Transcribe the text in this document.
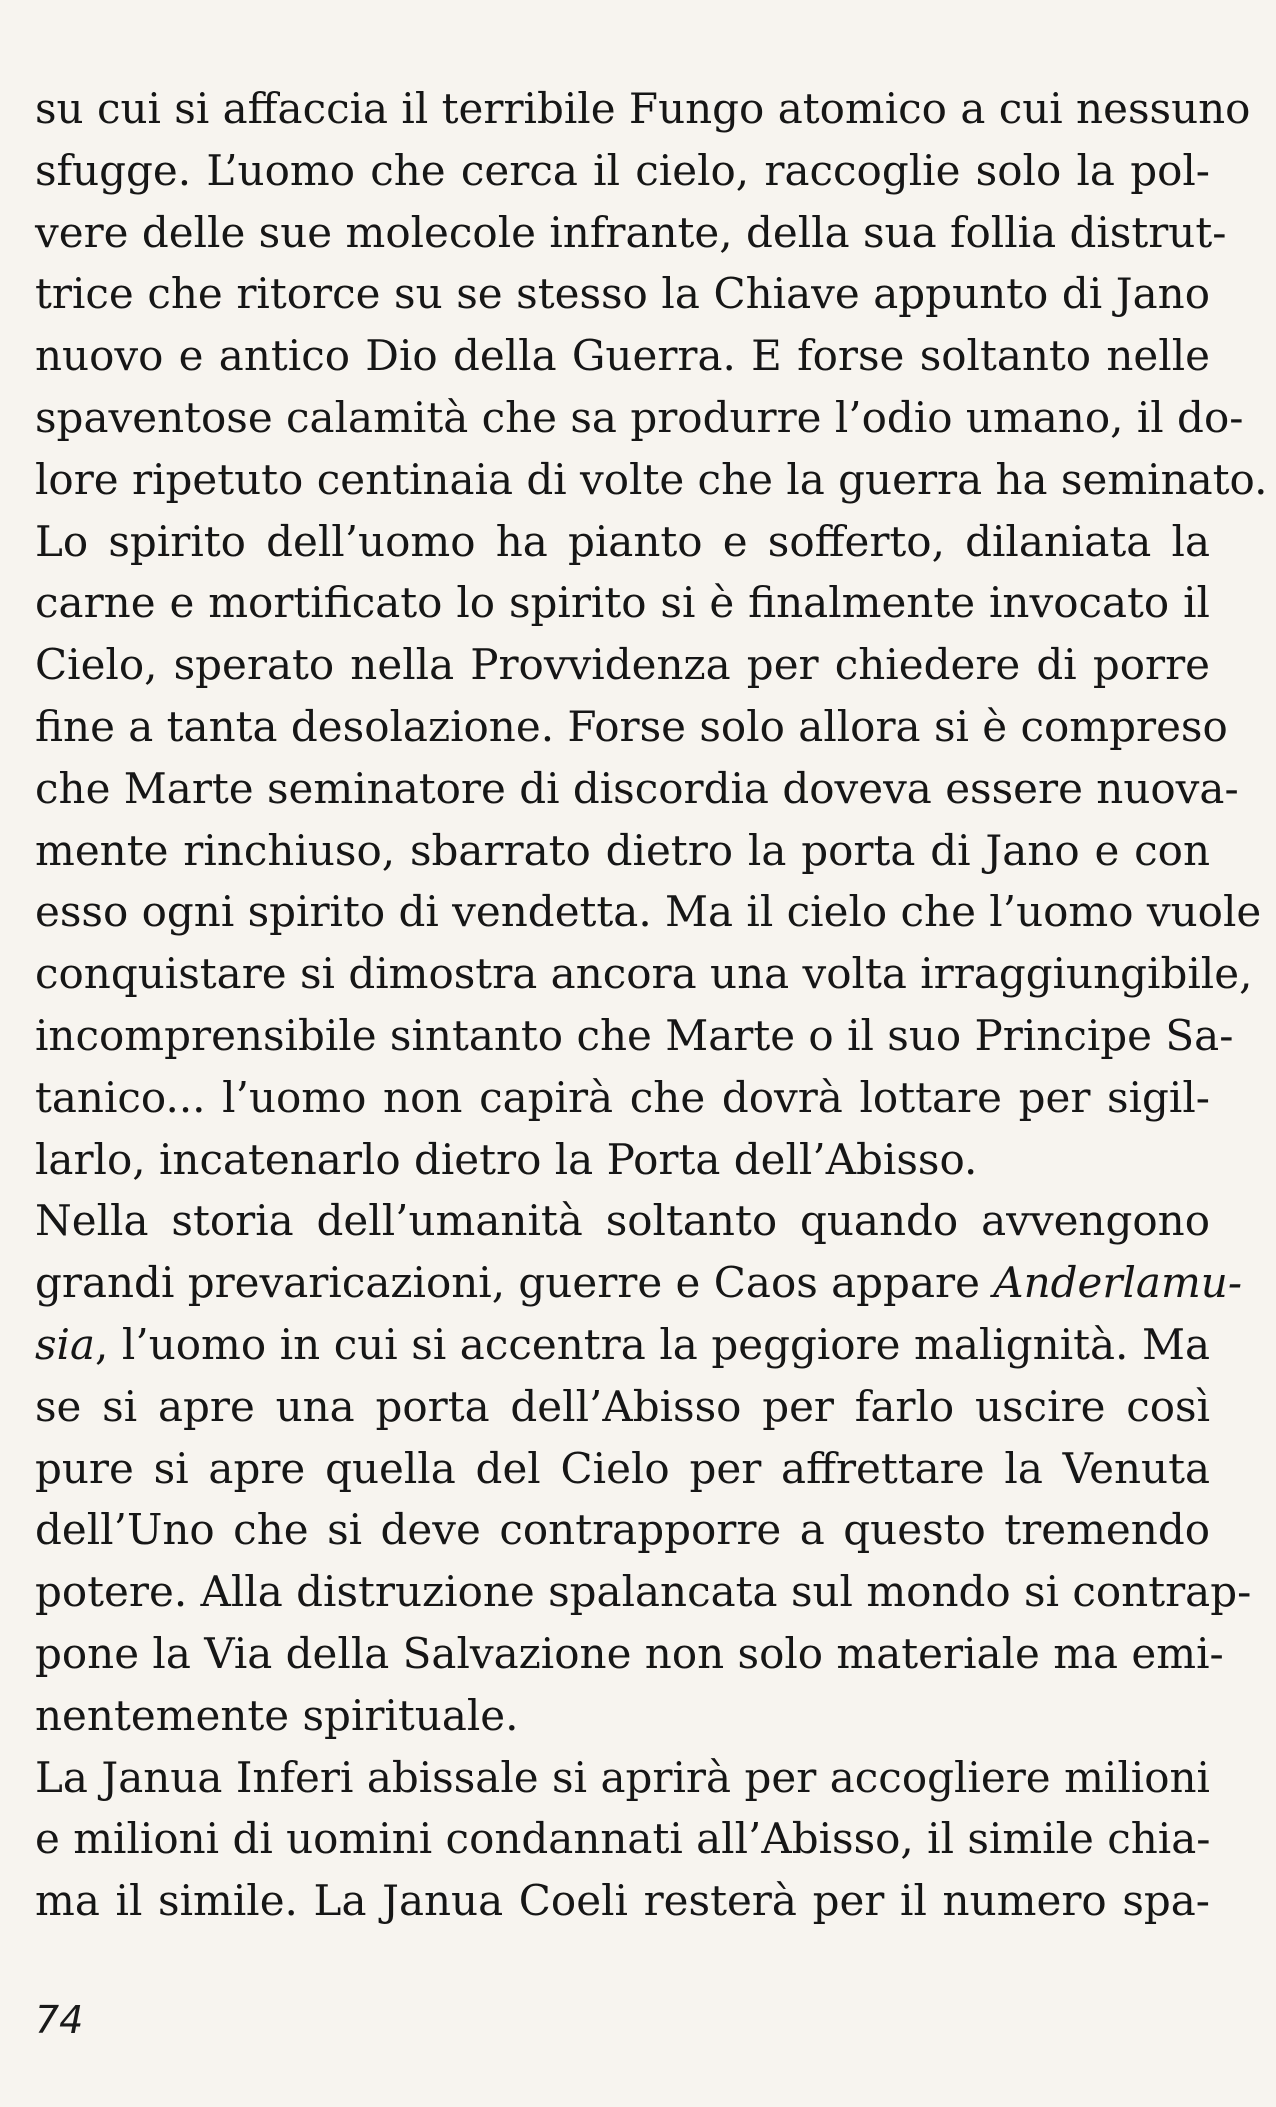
su cui si affaccia il terribile Fungo atomico a cui nessuno
sfugge. L’uomo che cerca il cielo, raccoglie solo la pol-
vere delle sue molecole infrante, della sua follia distrut-
trice che ritorce su se stesso la Chiave appunto di Jano
nuovo e antico Dio della Guerra. E forse soltanto nelle
spaventose calamità che sa produrre l’odio umano, il do-
lore ripetuto centinaia di volte che la guerra ha seminato.
Lo spirito dell’uomo ha pianto e sofferto, dilaniata la
carne e mortificato lo spirito si è finalmente invocato il
Cielo, sperato nella Provvidenza per chiedere di porre
fine a tanta desolazione. Forse solo allora si è compreso
che Marte seminatore di discordia doveva essere nuova-
mente rinchiuso, sbarrato dietro la porta di Jano e con
esso ogni spirito di vendetta. Ma il cielo che l’uomo vuole
conquistare si dimostra ancora una volta irraggiungibile,
incomprensibile sintanto che Marte o il suo Principe Sa-
tanico... l’uomo non capirà che dovrà lottare per sigil-
larlo, incatenarlo dietro la Porta dell’Abisso.
Nella storia dell’umanità soltanto quando avvengono
grandi prevaricazioni, guerre e Caos appare Anderlamu-
sia, l’uomo in cui si accentra la peggiore malignità. Ma
se si apre una porta dell’Abisso per farlo uscire così
pure si apre quella del Cielo per affrettare la Venuta
dell’Uno che si deve contrapporre a questo tremendo
potere. Alla distruzione spalancata sul mondo si contrap-
pone la Via della Salvazione non solo materiale ma emi-
nentemente spirituale.
La Janua Inferi abissale si aprirà per accogliere milioni
e milioni di uomini condannati all’Abisso, il simile chia-
ma il simile. La Janua Coeli resterà per il numero spa-
74
